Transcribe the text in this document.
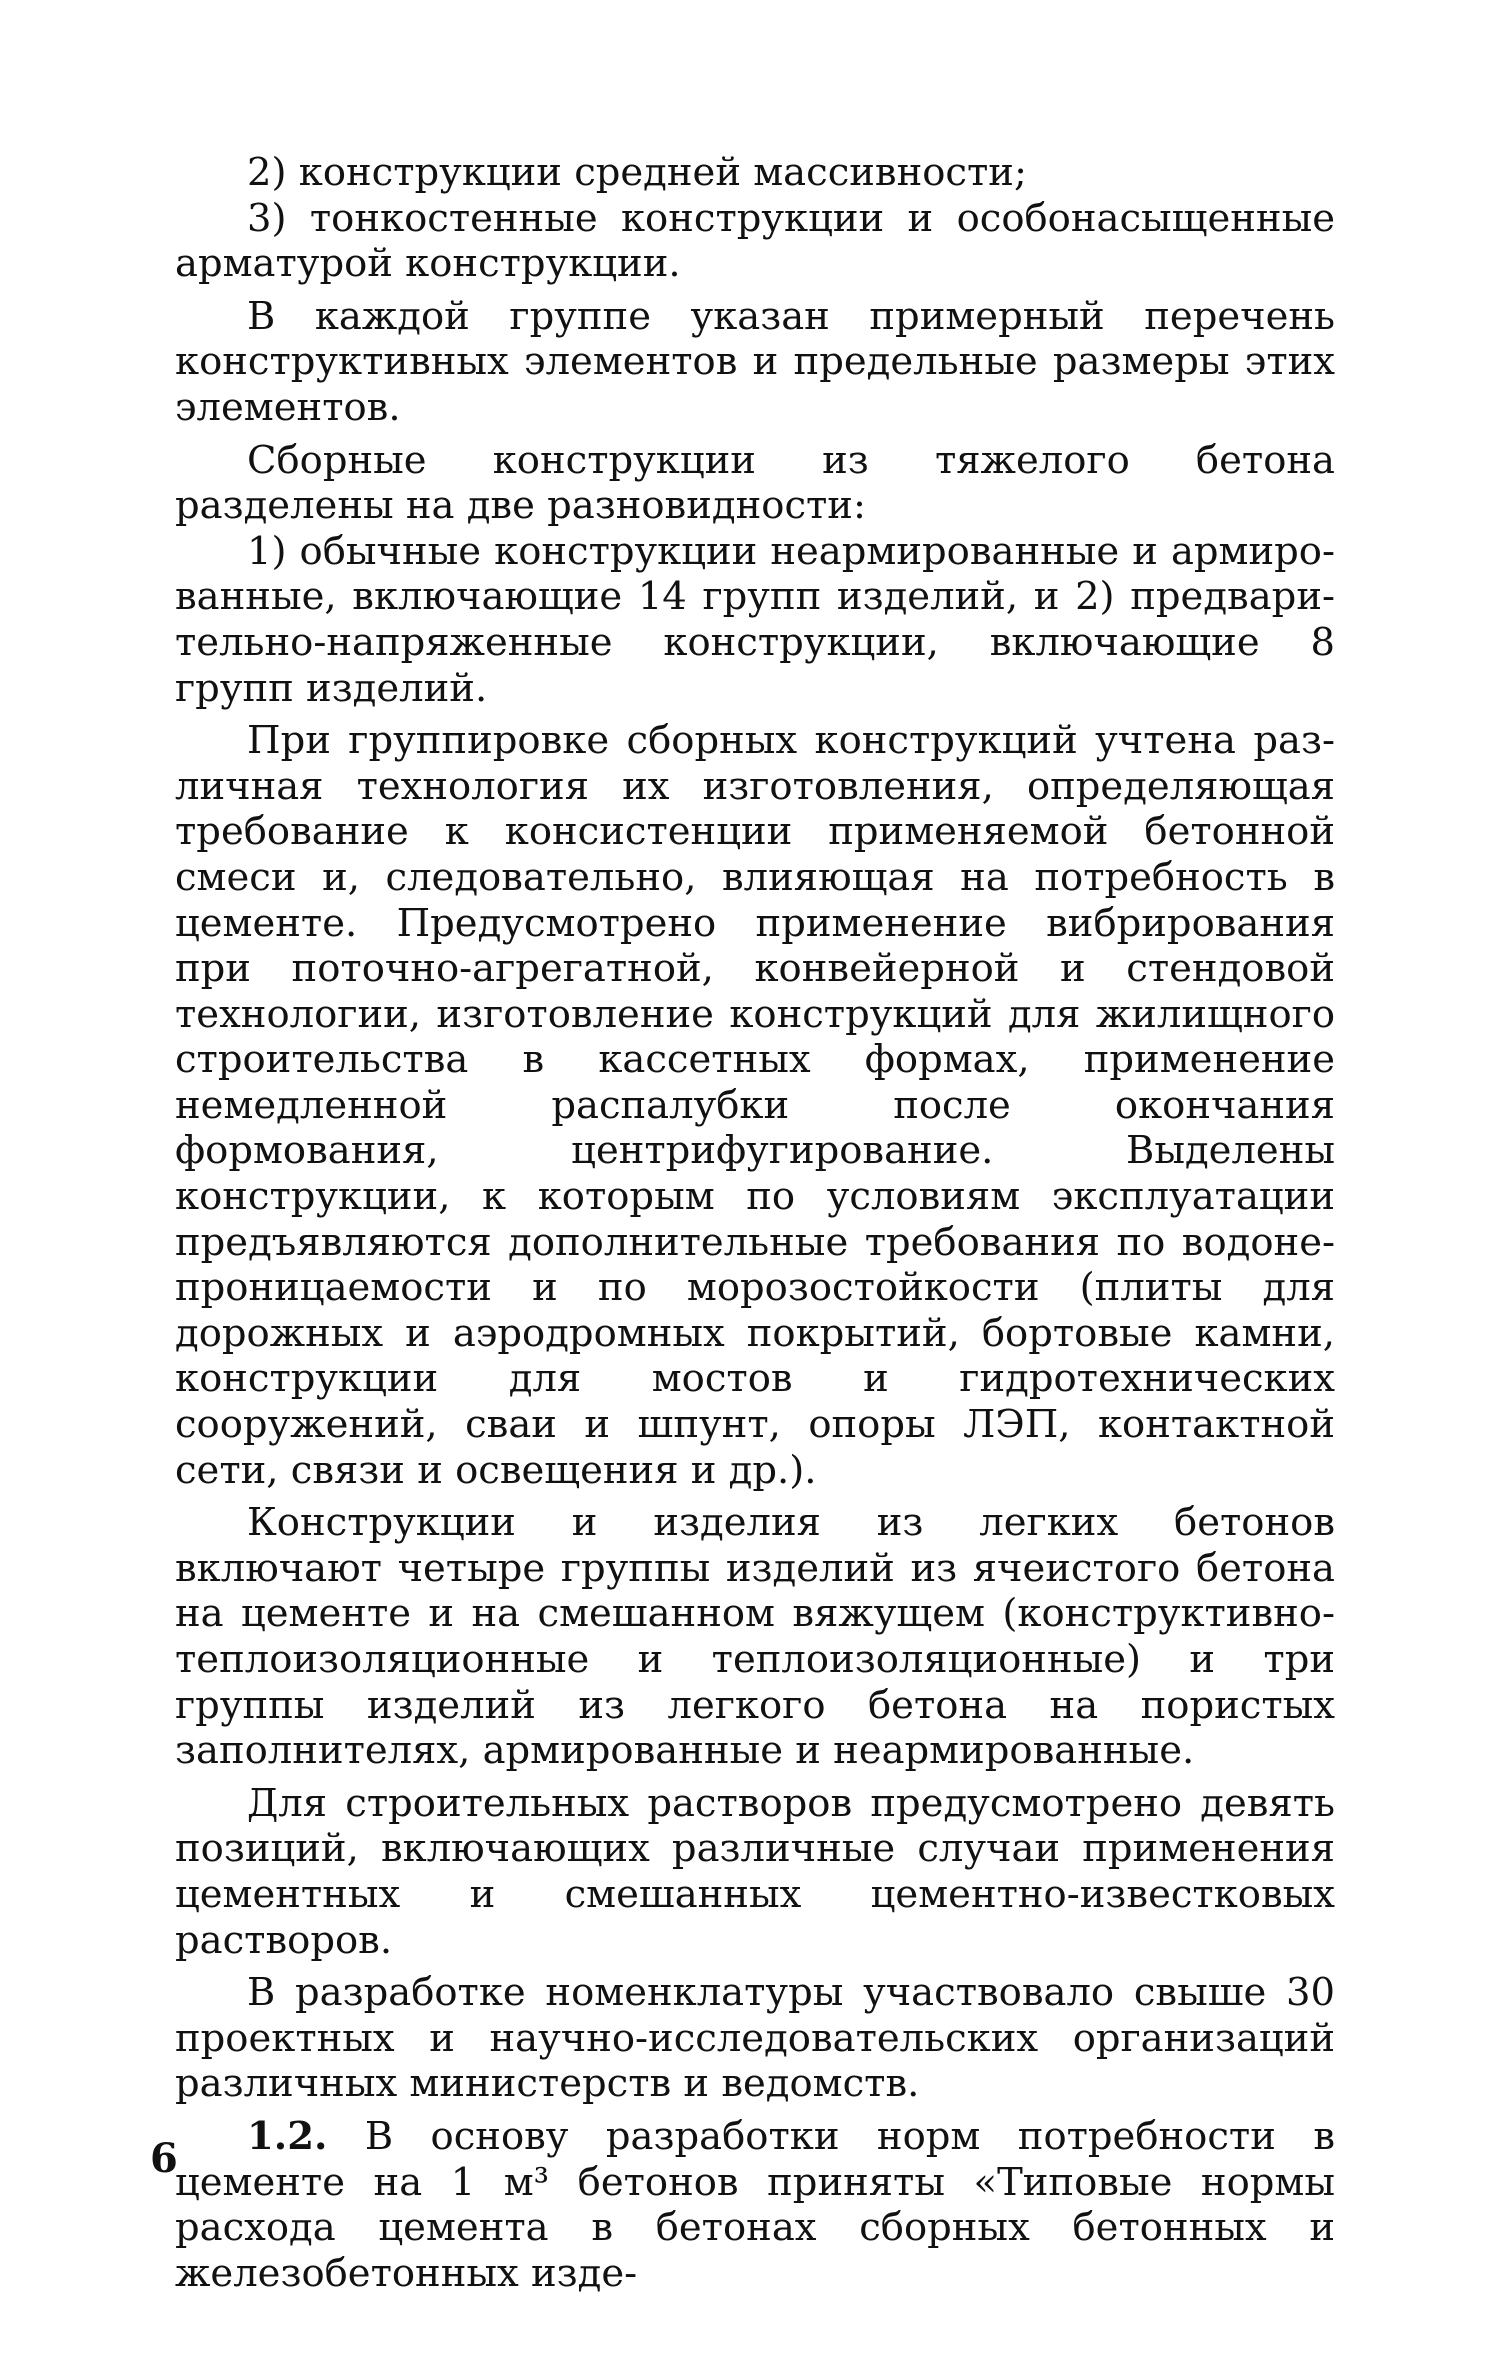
2) конструкции средней массивности;

3) тонкостенные конструкции и особонасыщенные арматурой конструкции.

В каждой группе указан примерный перечень конструктивных элементов и предельные размеры этих элементов.

Сборные конструкции из тяжелого бетона разделены на две разновидности:

1) обычные конструкции неармированные и армированные, включающие 14 групп изделий, и 2) предварительно-напряженные конструкции, включающие 8 групп изделий.

При группировке сборных конструкций учтена различная технология их изготовления, определяющая требование к консистенции применяемой бетонной смеси и, следовательно, влияющая на потребность в цементе. Предусмотрено применение вибрирования при поточно-агрегатной, конвейерной и стендовой технологии, изготовление конструкций для жилищного строительства в кассетных формах, применение немедленной распалубки после окончания формования, центрифугирование. Выделены конструкции, к которым по условиям эксплуатации предъявляются дополнительные требования по водонепроницаемости и по морозостойкости (плиты для дорожных и аэродромных покрытий, бортовые камни, конструкции для мостов и гидротехнических сооружений, сваи и шпунт, опоры ЛЭП, контактной сети, связи и освещения и др.).

Конструкции и изделия из легких бетонов включают четыре группы изделий из ячеистого бетона на цементе и на смешанном вяжущем (конструктивно-теплоизоляционные и теплоизоляционные) и три группы изделий из легкого бетона на пористых заполнителях, армированные и неармированные.

Для строительных растворов предусмотрено девять позиций, включающих различные случаи применения цементных и смешанных цементно-известковых растворов.

В разработке номенклатуры участвовало свыше 30 проектных и научно-исследовательских организаций различных министерств и ведомств.

1.2. В основу разработки норм потребности в цементе на 1 м³ бетонов приняты «Типовые нормы расхода цемента в бетонах сборных бетонных и железобетонных изде-

6
